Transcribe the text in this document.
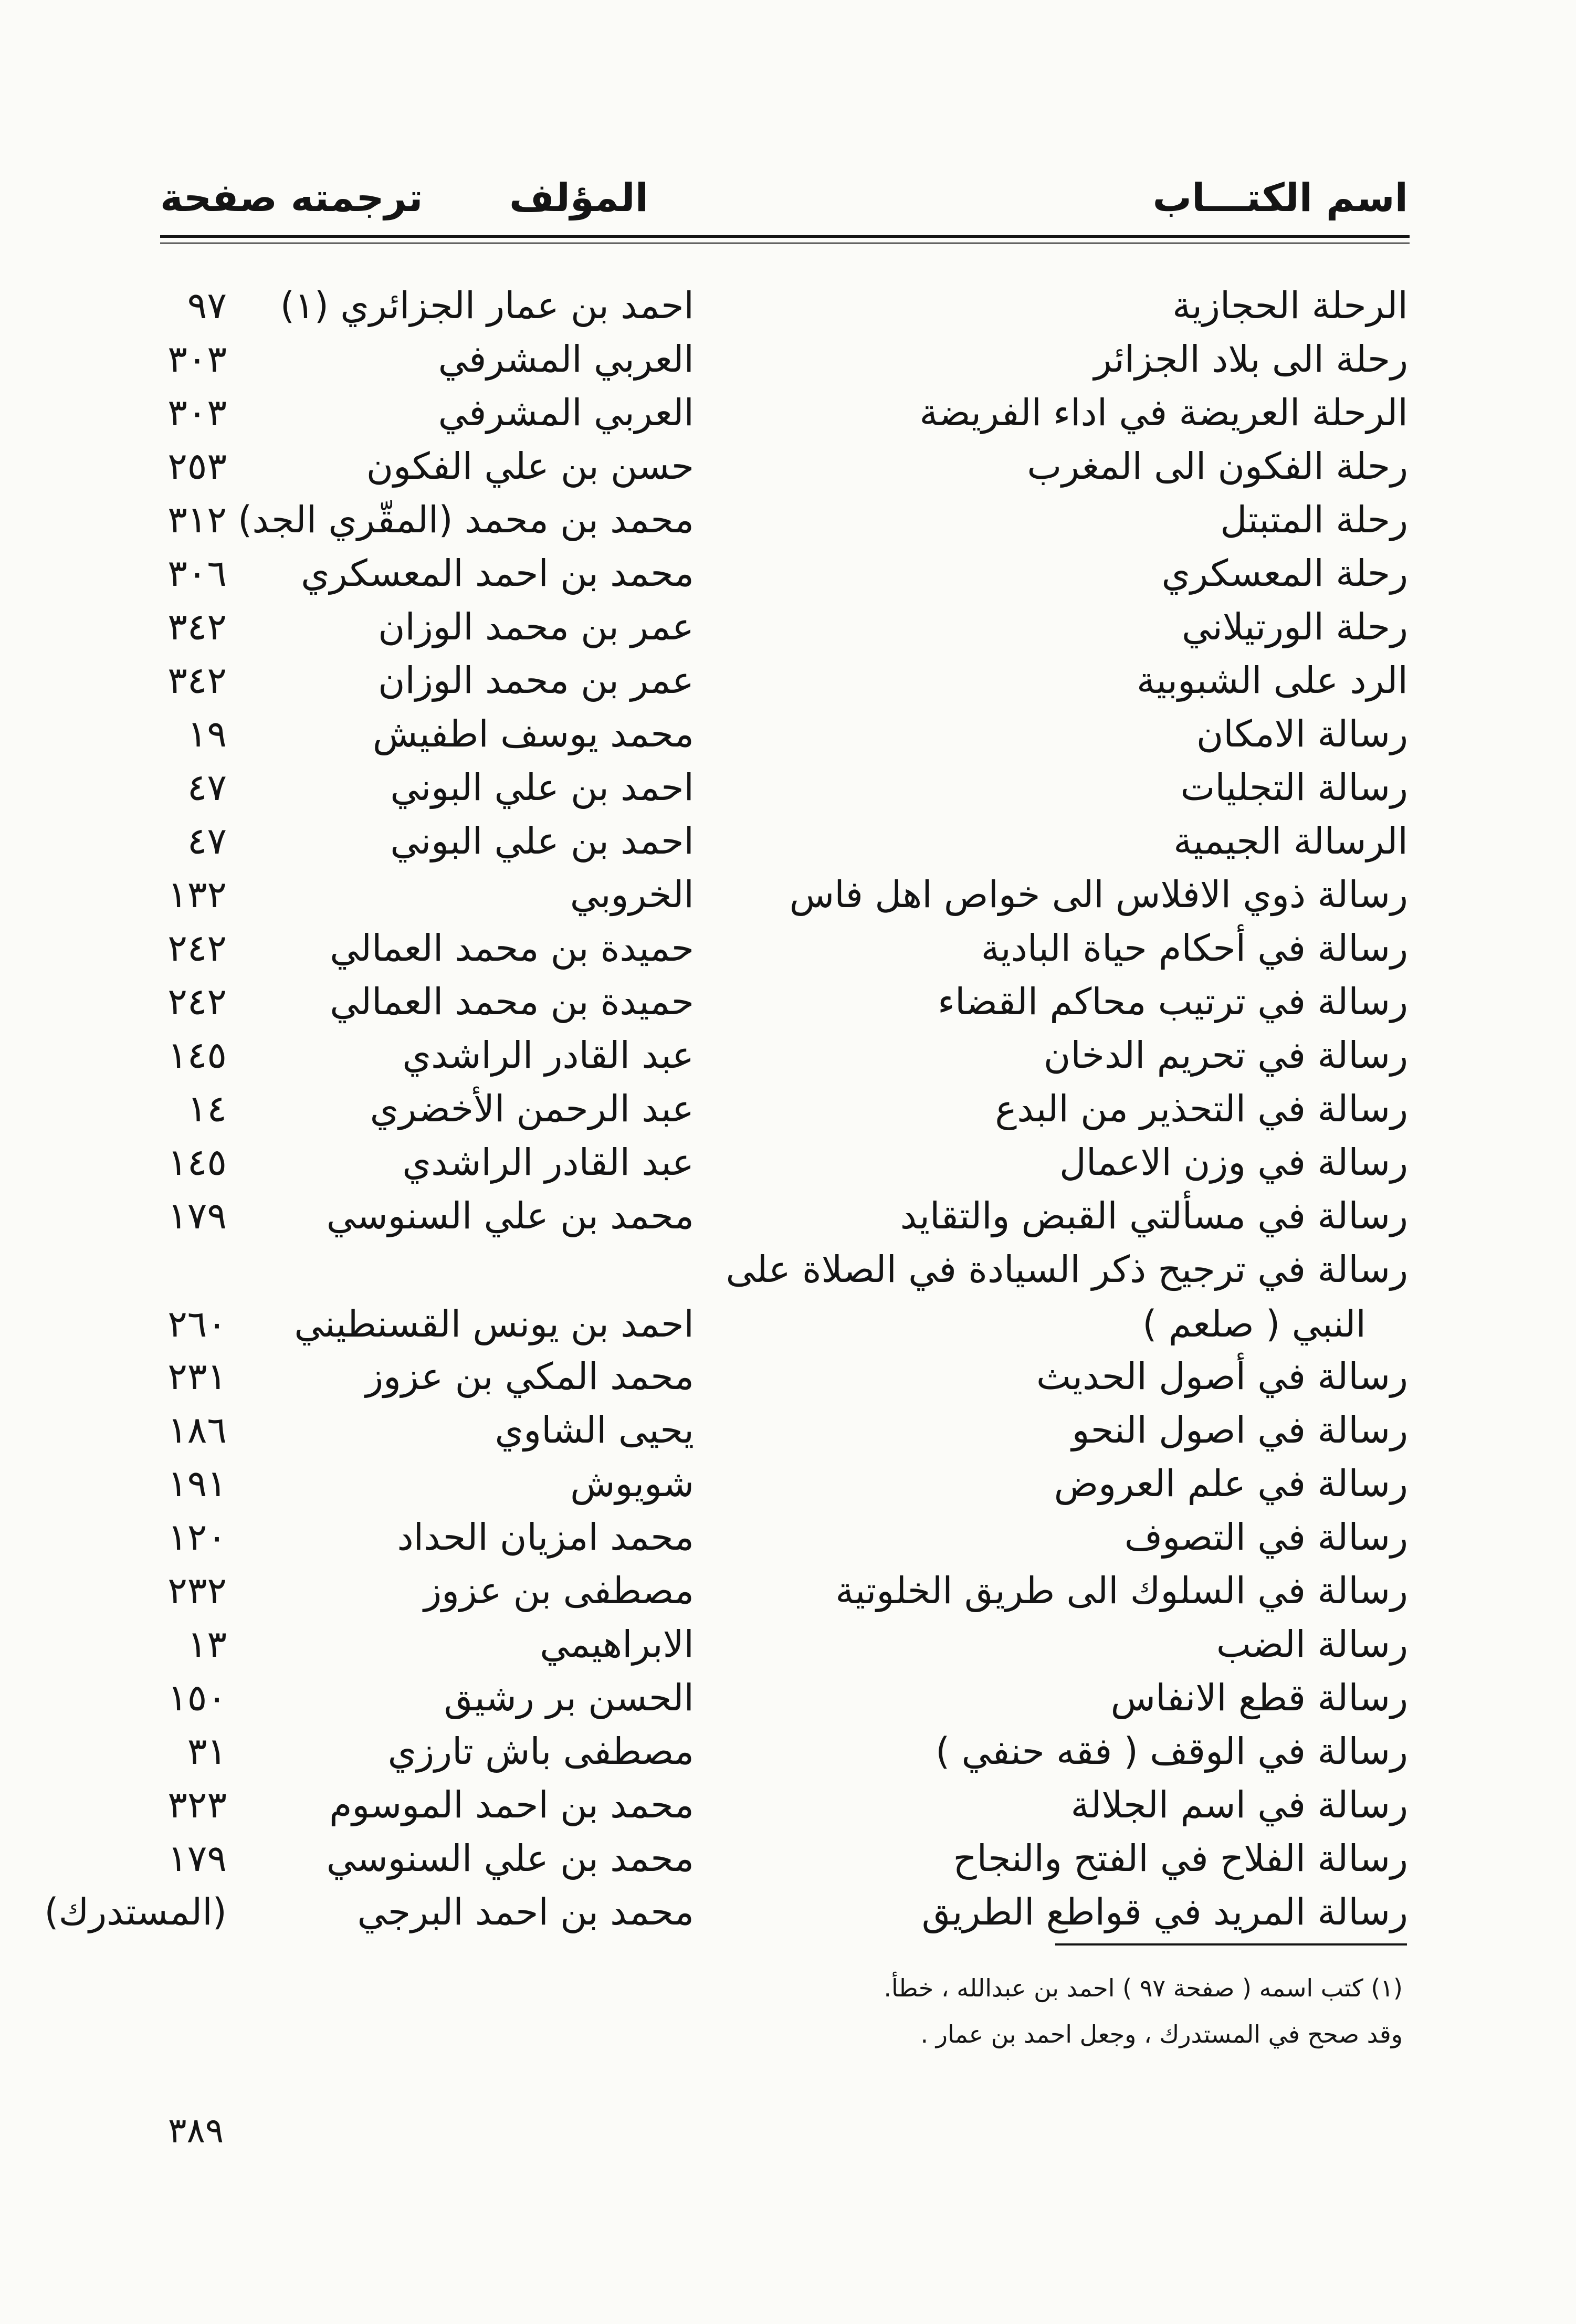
اسم الكتـــاب
المؤلف
ترجمته صفحة
الرحلة الحجازية
احمد بن عمار الجزائري (١)
٩٧
رحلة الى بلاد الجزائر
العربي المشرفي
٣٠٣
الرحلة العريضة في اداء الفريضة
العربي المشرفي
٣٠٣
رحلة الفكون الى المغرب
حسن بن علي الفكون
٢٥٣
رحلة المتبتل
محمد بن محمد (المقّري الجد)
٣١٢
رحلة المعسكري
محمد بن احمد المعسكري
٣٠٦
رحلة الورتيلاني
عمر بن محمد الوزان
٣٤٢
الرد على الشبوبية
عمر بن محمد الوزان
٣٤٢
رسالة الامكان
محمد يوسف اطفيش
١٩
رسالة التجليات
احمد بن علي البوني
٤٧
الرسالة الجيمية
احمد بن علي البوني
٤٧
رسالة ذوي الافلاس الى خواص اهل فاس
الخروبي
١٣٢
رسالة في أحكام حياة البادية
حميدة بن محمد العمالي
٢٤٢
رسالة في ترتيب محاكم القضاء
حميدة بن محمد العمالي
٢٤٢
رسالة في تحريم الدخان
عبد القادر الراشدي
١٤٥
رسالة في التحذير من البدع
عبد الرحمن الأخضري
١٤
رسالة في وزن الاعمال
عبد القادر الراشدي
١٤٥
رسالة في مسألتي القبض والتقايد
محمد بن علي السنوسي
١٧٩
رسالة في ترجيح ذكر السيادة في الصلاة على
النبي ( صلعم )
احمد بن يونس القسنطيني
٢٦٠
رسالة في أصول الحديث
محمد المكي بن عزوز
٢٣١
رسالة في اصول النحو
يحيى الشاوي
١٨٦
رسالة في علم العروض
شويوش
١٩١
رسالة في التصوف
محمد امزيان الحداد
١٢٠
رسالة في السلوك الى طريق الخلوتية
مصطفى بن عزوز
٢٣٢
رسالة الضب
الابراهيمي
١٣
رسالة قطع الانفاس
الحسن بر رشيق
١٥٠
رسالة في الوقف ( فقه حنفي )
مصطفى باش تارزي
٣١
رسالة في اسم الجلالة
محمد بن احمد الموسوم
٣٢٣
رسالة الفلاح في الفتح والنجاح
محمد بن علي السنوسي
١٧٩
رسالة المريد في قواطع الطريق
محمد بن احمد البرجي
(المستدرك)
(١) كتب اسمه ( صفحة ٩٧ ) احمد بن عبدالله ، خطأ.
وقد صحح في المستدرك ، وجعل احمد بن عمار .
٣٨٩
